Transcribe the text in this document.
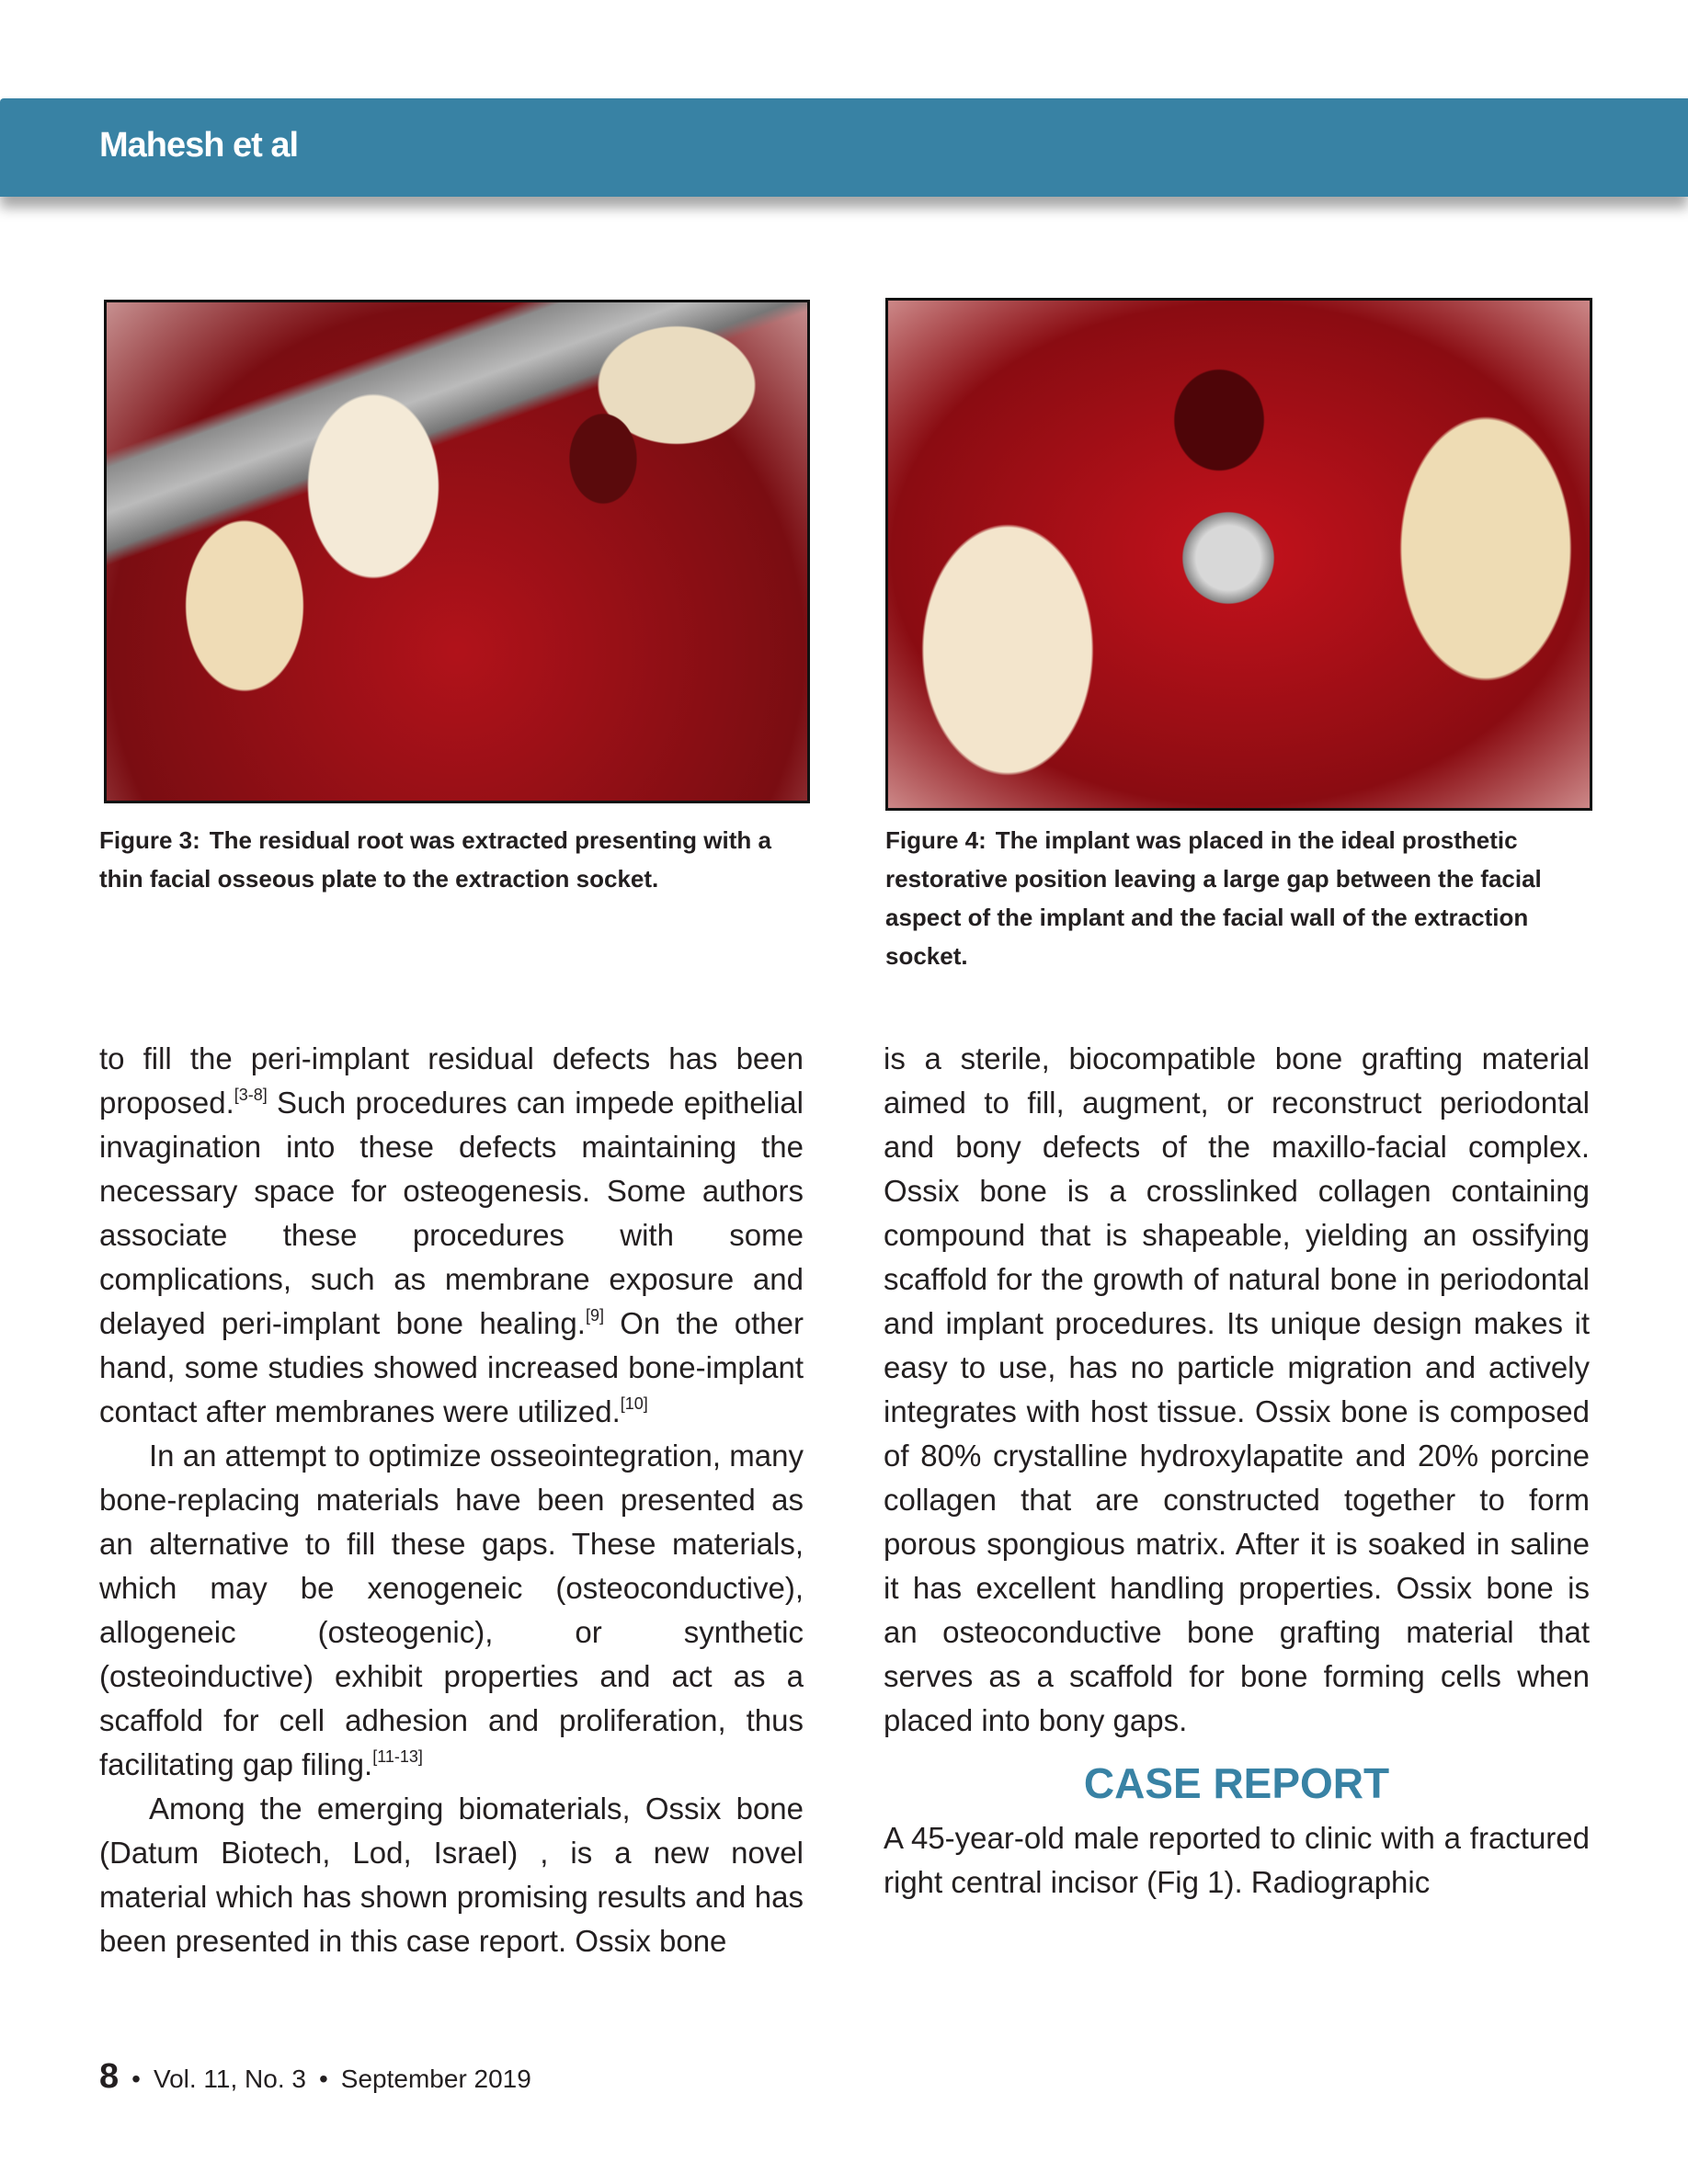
Mahesh et al
Figure 3: The residual root was extracted presenting with a thin facial osseous plate to the extraction socket.
Figure 4: The implant was placed in the ideal prosthetic restorative position leaving a large gap between the facial aspect of the implant and the facial wall of the extraction socket.

to fill the peri-implant residual defects has been proposed.[3-8] Such procedures can impede epithelial invagination into these defects maintaining the necessary space for osteogenesis. Some authors associate these procedures with some complications, such as membrane exposure and delayed peri-implant bone healing.[9] On the other hand, some studies showed increased bone-implant contact after membranes were utilized.[10]

In an attempt to optimize osseointegration, many bone-replacing materials have been presented as an alternative to fill these gaps. These materials, which may be xenogeneic (osteoconductive), allogeneic (osteogenic), or synthetic (osteoinductive) exhibit properties and act as a scaffold for cell adhesion and proliferation, thus facilitating gap filing.[11-13]

Among the emerging biomaterials, Ossix bone (Datum Biotech, Lod, Israel) , is a new novel material which has shown promising results and has been presented in this case report. Ossix bone

is a sterile, biocompatible bone grafting material aimed to fill, augment, or reconstruct periodontal and bony defects of the maxillo-facial complex. Ossix bone is a crosslinked collagen containing compound that is shapeable, yielding an ossifying scaffold for the growth of natural bone in periodontal and implant procedures. Its unique design makes it easy to use, has no particle migration and actively integrates with host tissue. Ossix bone is composed of 80% crystalline hydroxylapatite and 20% porcine collagen that are constructed together to form porous spongious matrix. After it is soaked in saline it has excellent handling properties. Ossix bone is an osteoconductive bone grafting material that serves as a scaffold for bone forming cells when placed into bony gaps.

CASE REPORT

A 45-year-old male reported to clinic with a fractured right central incisor (Fig 1). Radiographic

8 • Vol. 11, No. 3 • September 2019
